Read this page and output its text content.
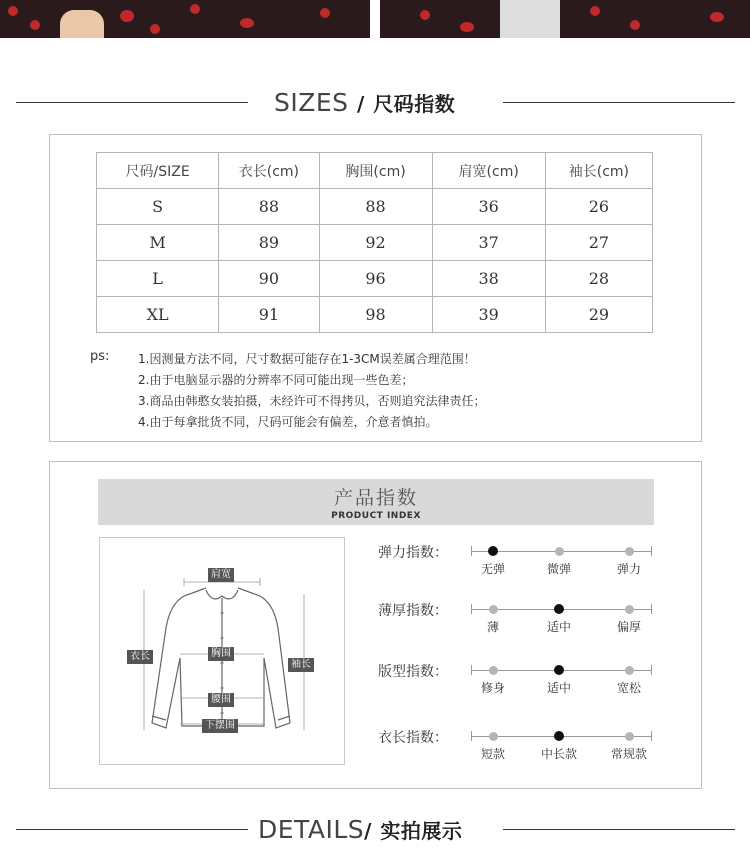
SIZES / 尺码指数
尺码/SIZE	衣长(cm)	胸围(cm)	肩宽(cm)	袖长(cm)
S	88	88	36	26
M	89	92	37	27
L	90	96	38	28
XL	91	98	39	29
ps: 1.因测量方法不同，尺寸数据可能存在1-3CM误差属合理范围！
2.由于电脑显示器的分辨率不同可能出现一些色差；
3.商品由韩憨女装拍摄，未经许可不得拷贝，否则追究法律责任；
4.由于每拿批货不同，尺码可能会有偏差，介意者慎拍。
产品指数
PRODUCT INDEX
肩宽
衣长	胸围
袖长
腰围
下摆围
弹力指数：
无弹	微弹	弹力
薄厚指数：
薄	适中	偏厚
版型指数：
修身	适中	宽松
衣长指数：
短款	中长款	常规款
DETAILS/ 实拍展示
